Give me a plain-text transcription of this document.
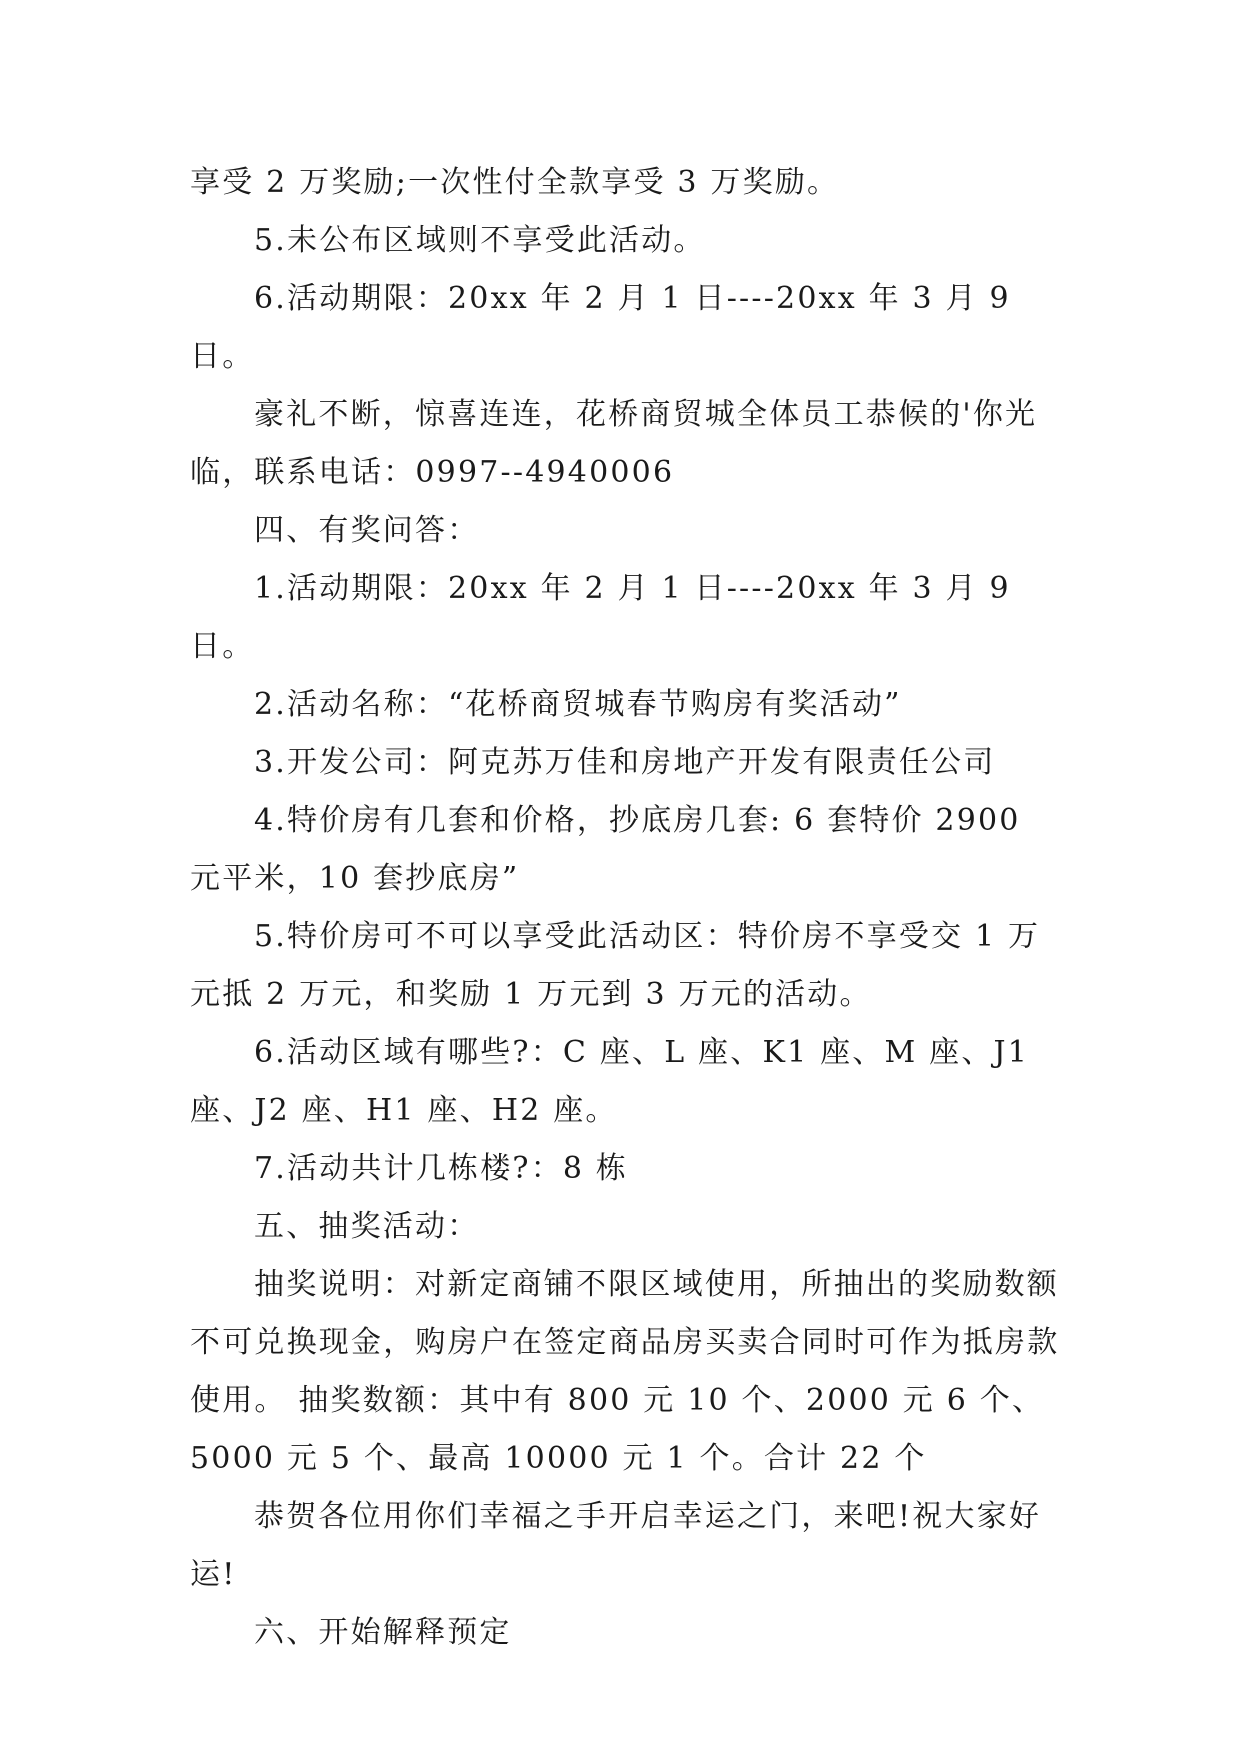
享受 2 万奖励;一次性付全款享受 3 万奖励。

5.未公布区域则不享受此活动。

6.活动期限：20xx 年 2 月 1 日----20xx 年 3 月 9 日。

豪礼不断，惊喜连连，花桥商贸城全体员工恭候的'你光临，联系电话：0997--4940006

四、有奖问答：

1.活动期限：20xx 年 2 月 1 日----20xx 年 3 月 9 日。

2.活动名称：“花桥商贸城春节购房有奖活动”

3.开发公司：阿克苏万佳和房地产开发有限责任公司

4.特价房有几套和价格，抄底房几套: 6 套特价 2900 元平米，10 套抄底房”

5.特价房可不可以享受此活动区：特价房不享受交 1 万元抵 2 万元，和奖励 1 万元到 3 万元的活动。

6.活动区域有哪些?：C 座、L 座、K1 座、M 座、J1 座、J2 座、H1 座、H2 座。

7.活动共计几栋楼?：8 栋

五、抽奖活动：

抽奖说明：对新定商铺不限区域使用，所抽出的奖励数额不可兑换现金，购房户在签定商品房买卖合同时可作为抵房款使用。 抽奖数额：其中有 800 元 10 个、2000 元 6 个、5000 元 5 个、最高 10000 元 1 个。合计 22 个

恭贺各位用你们幸福之手开启幸运之门，来吧!祝大家好运!

六、开始解释预定
